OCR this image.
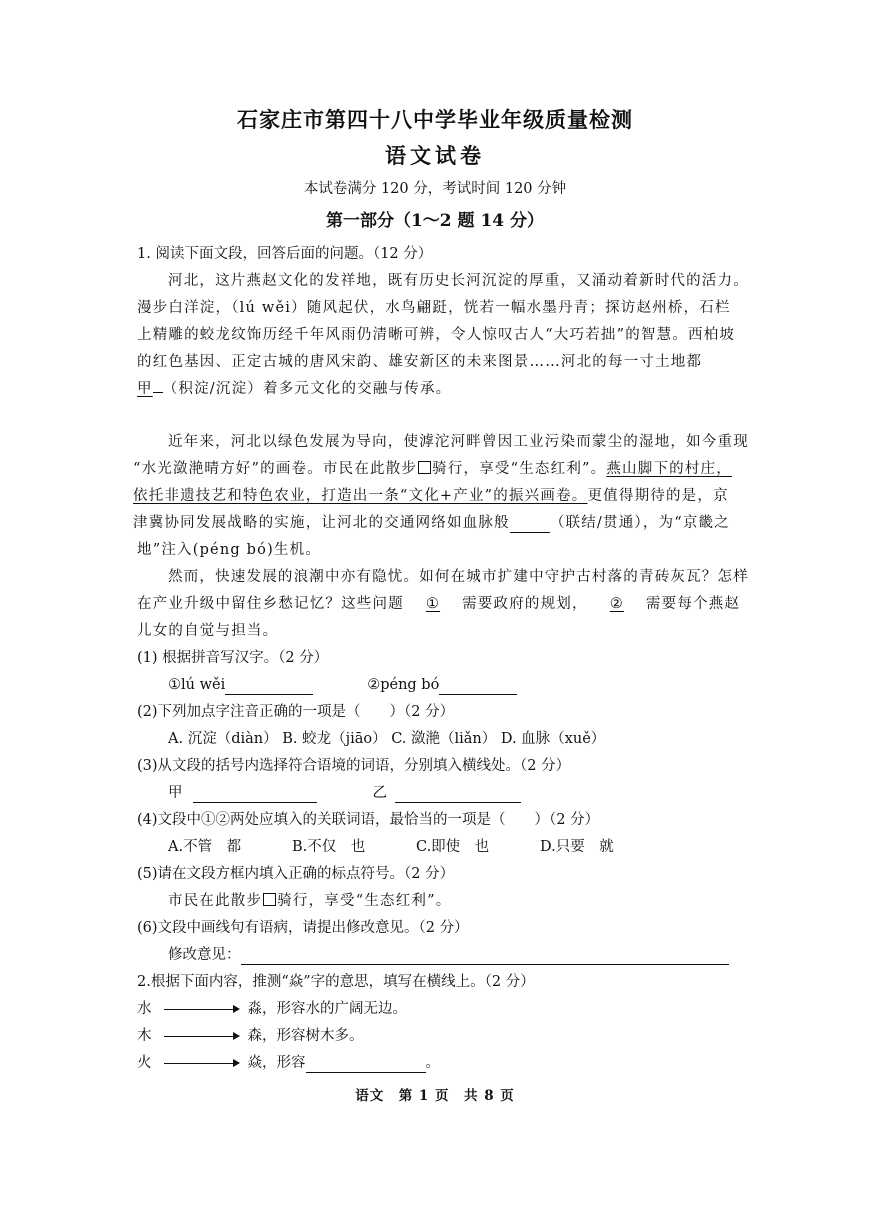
石家庄市第四十八中学毕业年级质量检测
语文试卷
本试卷满分 120 分，考试时间 120 分钟
第一部分（1～2 题 14 分）
1. 阅读下面文段，回答后面的问题。（12 分）
河北，这片燕赵文化的发祥地，既有历史长河沉淀的厚重，又涌动着新时代的活力。
漫步白洋淀，（lú wěi）随风起伏，水鸟翩跹，恍若一幅水墨丹青；探访赵州桥，石栏
上精雕的蛟龙纹饰历经千年风雨仍清晰可辨，令人惊叹古人“大巧若拙”的智慧。西柏坡
的红色基因、正定古城的唐风宋韵、雄安新区的未来图景……河北的每一寸土地都
甲 （积淀/沉淀）着多元文化的交融与传承。
近年来，河北以绿色发展为导向，使滹沱河畔曾因工业污染而蒙尘的湿地，如今重现
“水光潋滟晴方好”的画卷。市民在此散步 骑行，享受“生态红利”。燕山脚下的村庄，
依托非遗技艺和特色农业，打造出一条“文化+产业”的振兴画卷。更值得期待的是，京
津冀协同发展战略的实施，让河北的交通网络如血脉般	（联结/贯通），为“京畿之
地”注入(péng bó)生机。
然而，快速发展的浪潮中亦有隐忧。如何在城市扩建中守护古村落的青砖灰瓦？怎样
在产业升级中留住乡愁记忆？这些问题 ① 需要政府的规划， ② 需要每个燕赵
儿女的自觉与担当。
(1) 根据拼音写汉字。（2 分）
①lú wěi	②péng bó
(2)下列加点字注音正确的一项是（　　）（2 分）
A. 沉淀（diàn） B. 蛟龙（jiāo） C. 潋滟（liǎn） D. 血脉（xuě）
(3)从文段的括号内选择符合语境的词语，分别填入横线处。（2 分）
甲	乙
(4)文段中①②两处应填入的关联词语，最恰当的一项是（　　）（2 分）
A.不管　都	B.不仅　也	C.即使　也	D.只要　就
(5)请在文段方框内填入正确的标点符号。（2 分）
市民在此散步 骑行，享受“生态红利”。
(6)文段中画线句有语病，请提出修改意见。（2 分）
修改意见：
2.根据下面内容，推测“焱”字的意思，填写在横线上。（2 分）
水	淼，形容水的广阔无边。
木	森，形容树木多。
火	焱，形容	。
语文　第 1 页　共 8 页
